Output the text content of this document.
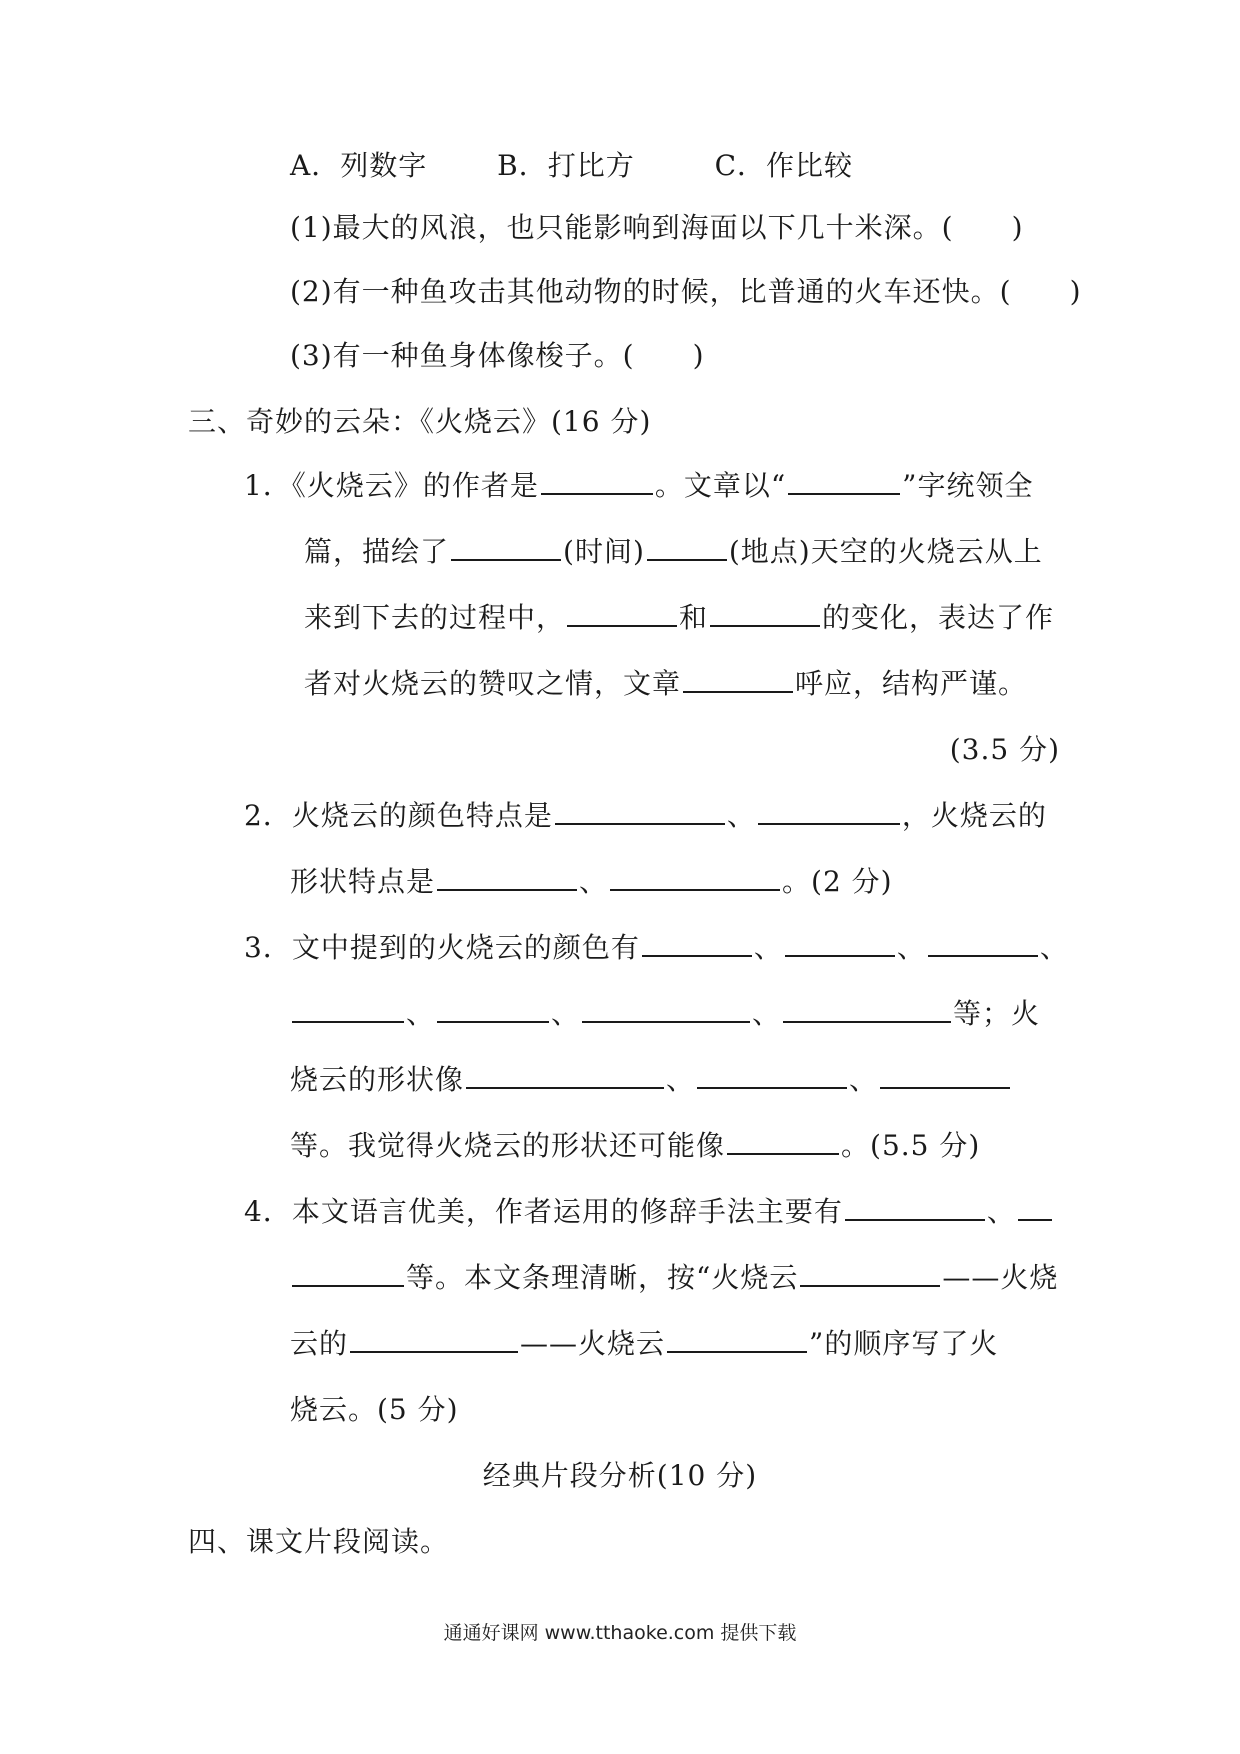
A．列数字 B．打比方	C．作比较
(1)最大的风浪，也只能影响到海面以下几十米深。(　　)
(2)有一种鱼攻击其他动物的时候，比普通的火车还快。(　　)
(3)有一种鱼身体像梭子。(　　)
三、奇妙的云朵：《火烧云》(16 分)
1．《火烧云》的作者是	。文章以“	”字统领全
篇，描绘了	(时间)	(地点)天空的火烧云从上
来到下去的过程中，	和	的变化，表达了作
者对火烧云的赞叹之情，文章	呼应，结构严谨。
(3.5 分)
2．火烧云的颜色特点是	、	，火烧云的
形状特点是	、	。(2 分)
3．文中提到的火烧云的颜色有	、	、	、
、	、	、	等；火
烧云的形状像	、	、
等。我觉得火烧云的形状还可能像	。(5.5 分)
4．本文语言优美，作者运用的修辞手法主要有	、
等。本文条理清晰，按“火烧云	——火烧
云的	——火烧云	”的顺序写了火
烧云。(5 分)
经典片段分析(10 分)
四、课文片段阅读。
通通好课网 www.tthaoke.com 提供下载
